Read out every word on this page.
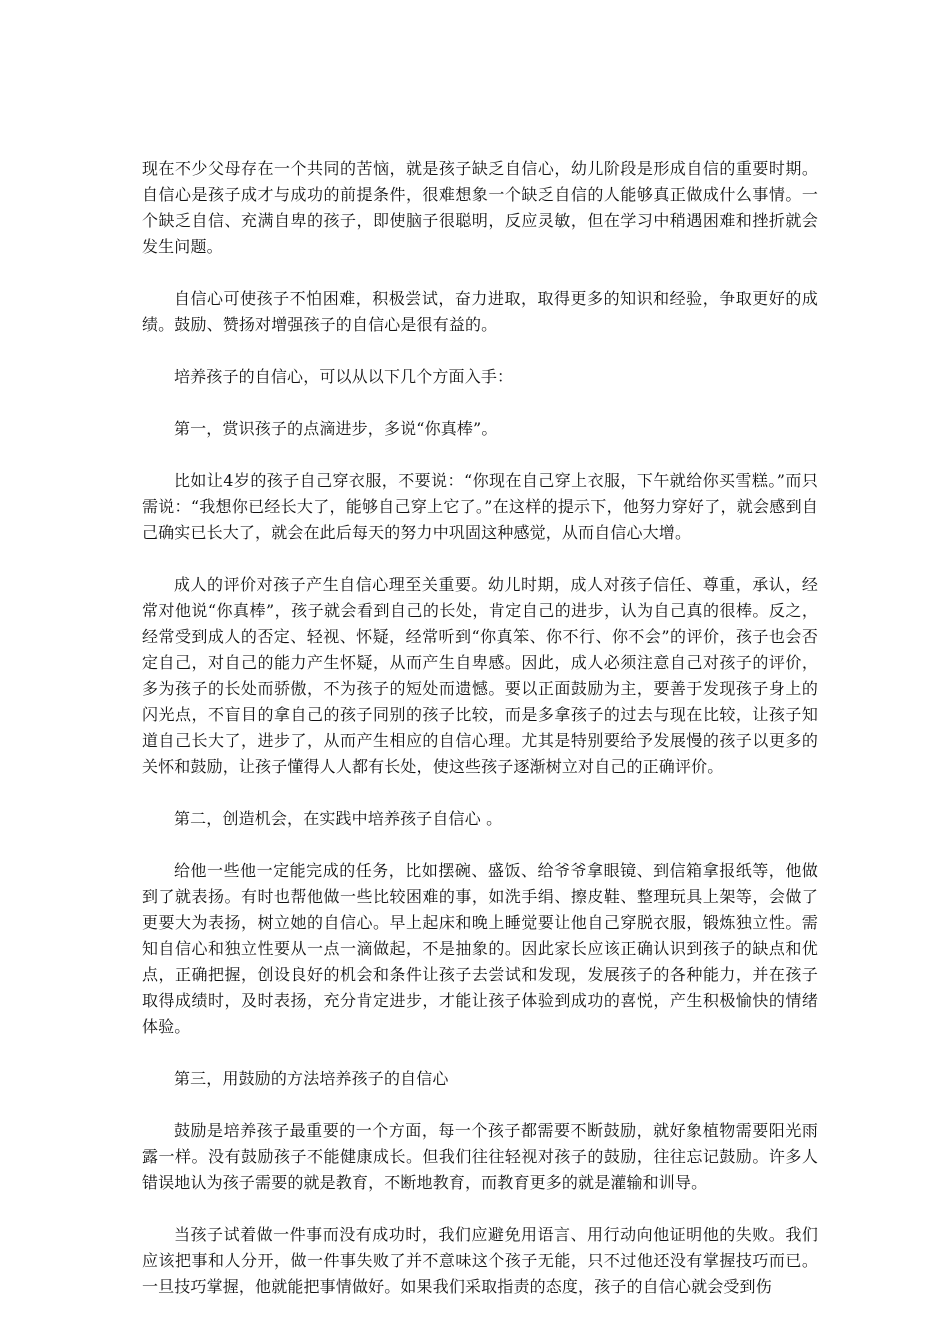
现在不少父母存在一个共同的苦恼，就是孩子缺乏自信心，幼儿阶段是形成自信的重要时期。自信心是孩子成才与成功的前提条件，很难想象一个缺乏自信的人能够真正做成什么事情。一个缺乏自信、充满自卑的孩子，即使脑子很聪明，反应灵敏，但在学习中稍遇困难和挫折就会发生问题。

自信心可使孩子不怕困难，积极尝试，奋力进取，取得更多的知识和经验，争取更好的成绩。鼓励、赞扬对增强孩子的自信心是很有益的。

培养孩子的自信心，可以从以下几个方面入手：

第一，赏识孩子的点滴进步，多说“你真棒”。

比如让4岁的孩子自己穿衣服，不要说：“你现在自己穿上衣服，下午就给你买雪糕。”而只需说：“我想你已经长大了，能够自己穿上它了。”在这样的提示下，他努力穿好了，就会感到自己确实已长大了，就会在此后每天的努力中巩固这种感觉，从而自信心大增。

成人的评价对孩子产生自信心理至关重要。幼儿时期，成人对孩子信任、尊重，承认，经常对他说“你真棒”，孩子就会看到自己的长处，肯定自己的进步，认为自己真的很棒。反之，经常受到成人的否定、轻视、怀疑，经常听到“你真笨、你不行、你不会”的评价，孩子也会否定自己，对自己的能力产生怀疑，从而产生自卑感。因此，成人必须注意自己对孩子的评价，多为孩子的长处而骄傲，不为孩子的短处而遗憾。要以正面鼓励为主，要善于发现孩子身上的闪光点，不盲目的拿自己的孩子同别的孩子比较，而是多拿孩子的过去与现在比较，让孩子知道自己长大了，进步了，从而产生相应的自信心理。尤其是特别要给予发展慢的孩子以更多的关怀和鼓励，让孩子懂得人人都有长处，使这些孩子逐渐树立对自己的正确评价。

第二，创造机会，在实践中培养孩子自信心 。

给他一些他一定能完成的任务，比如摆碗、盛饭、给爷爷拿眼镜、到信箱拿报纸等，他做到了就表扬。有时也帮他做一些比较困难的事，如洗手绢、擦皮鞋、整理玩具上架等，会做了更要大为表扬，树立她的自信心。早上起床和晚上睡觉要让他自己穿脱衣服，锻炼独立性。需知自信心和独立性要从一点一滴做起，不是抽象的。因此家长应该正确认识到孩子的缺点和优点，正确把握，创设良好的机会和条件让孩子去尝试和发现，发展孩子的各种能力，并在孩子取得成绩时，及时表扬，充分肯定进步，才能让孩子体验到成功的喜悦，产生积极愉快的情绪体验。

第三，用鼓励的方法培养孩子的自信心

鼓励是培养孩子最重要的一个方面，每一个孩子都需要不断鼓励，就好象植物需要阳光雨露一样。没有鼓励孩子不能健康成长。但我们往往轻视对孩子的鼓励，往往忘记鼓励。许多人错误地认为孩子需要的就是教育，不断地教育，而教育更多的就是灌输和训导。

当孩子试着做一件事而没有成功时，我们应避免用语言、用行动向他证明他的失败。我们应该把事和人分开，做一件事失败了并不意味这个孩子无能，只不过他还没有掌握技巧而已。一旦技巧掌握，他就能把事情做好。如果我们采取指责的态度，孩子的自信心就会受到伤
